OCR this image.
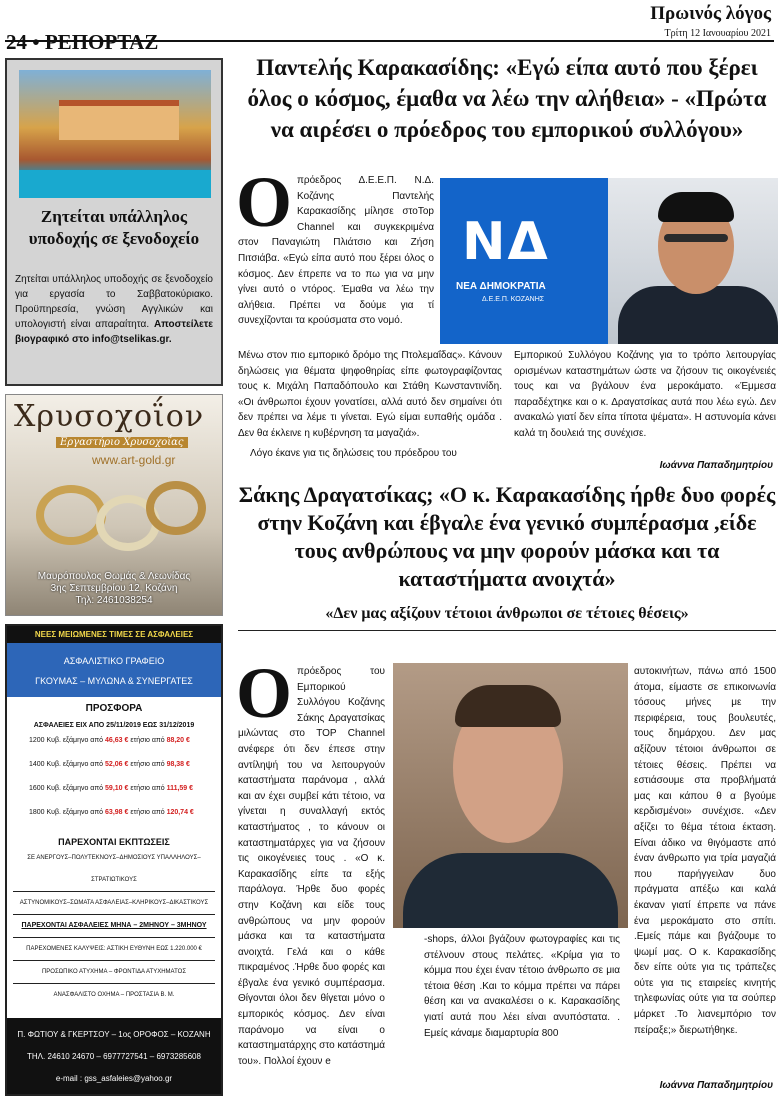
Πρωινός λόγος
Τρίτη 12 Ιανουαρίου 2021
24 • ΡΕΠΟΡΤΑΖ
Ζητείται υπάλληλος υποδοχής σε ξενοδοχείο
Ζητείται υπάλληλος υποδοχής σε ξενοδοχείο για εργασία το Σαββατοκύριακο. Προϋπηρεσία, γνώση Αγγλικών και υπολογιστή είναι απαραίτητα. Αποστείλετε βιογραφικό στο info@tselikas.gr.
Χρυσοχοΐον
Εργαστήριο Χρυσοχοΐας
www.art-gold.gr
Μαυρόπουλος Θωμάς & Λεωνίδας
3ης Σεπτεμβρίου 12, Κοζάνη
Τηλ: 2461038254
ΝΕΕΣ ΜΕΙΩΜΕΝΕΣ ΤΙΜΕΣ ΣΕ ΑΣΦΑΛΕΙΕΣ
ΑΣΦΑΛΙΣΤΙΚΟ ΓΡΑΦΕΙΟ
ΓΚΟΥΜΑΣ – ΜΥΛΩΝΑ & ΣΥΝΕΡΓΑΤΕΣ
ΠΡΟΣΦΟΡΑ
ΑΣΦΑΛΕΙΕΣ ΕΙΧ ΑΠΟ 25/11/2019 ΕΩΣ 31/12/2019
1200 Κυβ. εξάμηνο από 46,63 € ετήσιο από 88,20 €
1400 Κυβ. εξάμηνο από 52,06 € ετήσιο από 98,38 €
1600 Κυβ. εξάμηνο από 59,10 € ετήσιο από 111,59 €
1800 Κυβ. εξάμηνο από 63,98 € ετήσιο από 120,74 €
ΠΑΡΕΧΟΝΤΑΙ ΕΚΠΤΩΣΕΙΣ
ΣΕ ΑΝΕΡΓΟΥΣ–ΠΟΛΥΤΕΚΝΟΥΣ–ΔΗΜΟΣΙΟΥΣ ΥΠΑΛΛΗΛΟΥΣ–ΣΤΡΑΤΙΩΤΙΚΟΥΣ
ΑΣΤΥΝΟΜΙΚΟΥΣ–ΣΩΜΑΤΑ ΑΣΦΑΛΕΙΑΣ–ΚΛΗΡΙΚΟΥΣ–ΔΙΚΑΣΤΙΚΟΥΣ
ΠΑΡΕΧΟΝΤΑΙ ΑΣΦΑΛΕΙΕΣ ΜΗΝΑ – 2ΜΗΝΟΥ – 3ΜΗΝΟΥ
ΠΑΡΕΧΟΜΕΝΕΣ ΚΑΛΥΨΕΙΣ: ΑΣΤΙΚΗ ΕΥΘΥΝΗ ΕΩΣ 1.220.000 €
ΠΡΟΣΩΠΙΚΟ ΑΤΥΧΗΜΑ – ΦΡΟΝΤΙΔΑ ΑΤΥΧΗΜΑΤΟΣ
ΑΝΑΣΦΑΛΙΣΤΟ ΟΧΗΜΑ – ΠΡΟΣΤΑΣΙΑ Β. Μ.
Π. ΦΩΤΙΟΥ & ΓΚΕΡΤΣΟΥ – 1ος ΟΡΟΦΟΣ – ΚΟΖΑΝΗ
ΤΗΛ. 24610 24670 – 6977727541 – 6973285608
e-mail : gss_asfaleies@yahoo.gr
Παντελής Καρακασίδης: «Εγώ είπα αυτό που ξέρει όλος ο κόσμος, έμαθα να λέω την αλήθεια» - «Πρώτα να αιρέσει ο πρόεδρος του εμπορικού συλλόγου»
Ο πρόεδρος Δ.Ε.Ε.Π. Ν.Δ. Κοζάνης Παντελής Καρακασίδης μίλησε στοTop Channel και συγκεκριμένα στον Παναγιώτη Πλιάτσιο και Ζήση Πιτσιάβα. «Εγώ είπα αυτό που ξέρει όλος ο κόσμος. Δεν έπρεπε να το πω για να μην γίνει αυτό ο ντόρος. Έμαθα να λέω την αλήθεια. Πρέπει να δούμε για τί συνεχίζονται τα κρούσματα στο νομό.
ΝΔ
ΝΕΑ ΔΗΜΟΚΡΑΤΙΑ
Δ.Ε.Ε.Π. ΚΟΖΑΝΗΣ
Μένω στον πιο εμπορικό δρόμο της Πτολεμαΐδας». Κάνουν δηλώσεις για θέματα ψηφοθηρίας είπε φωτογραφίζοντας τους κ. Μιχάλη Παπαδόπουλο και Στάθη Κωνσταντινίδη. «Οι άνθρωποι έχουν γονατίσει, αλλά αυτό δεν σημαίνει ότι δεν πρέπει να λέμε τι γίνεται. Εγώ είμαι ευπαθής ομάδα . Δεν θα έκλεινε η κυβέρνηση τα μαγαζιά».
Λόγο έκανε για τις δηλώσεις του πρόεδρου του
Εμπορικού Συλλόγου Κοζάνης για το τρόπο λειτουργίας ορισμένων καταστημάτων ώστε να ζήσουν τις οικογένειές τους και να βγάλουν ένα μεροκάματο. «Έμμεσα παραδέχτηκε και ο κ. Δραγατσίκας αυτά που λέω εγώ. Δεν ανακαλώ γιατί δεν είπα τίποτα ψέματα». Η αστυνομία κάνει καλά τη δουλειά της συνέχισε.
Ιωάννα Παπαδημητρίου
Σάκης Δραγατσίκας; «Ο κ. Καρακασίδης ήρθε δυο φορές στην Κοζάνη και έβγαλε ένα γενικό συμπέρασμα ,είδε τους ανθρώπους να μην φορούν μάσκα και τα καταστήματα ανοιχτά»
«Δεν μας αξίζουν τέτοιοι άνθρωποι σε τέτοιες θέσεις»
Ο πρόεδρος του Εμπορικού Συλλόγου Κοζάνης Σάκης Δραγατσίκας μιλώντας στο TOP Channel ανέφερε ότι δεν έπεσε στην αντίληψή του να λειτουργούν καταστήματα παράνομα , αλλά και αν έχει συμβεί κάτι τέτοιο, να γίνεται η συναλλαγή εκτός καταστήματος , το κάνουν οι καταστηματάρχες για να ζήσουν τις οικογένειες τους . «Ο κ. Καρακασίδης είπε τα εξής παράλογα. Ήρθε δυο φορές στην Κοζάνη και είδε τους ανθρώπους να μην φορούν μάσκα και τα καταστήματα ανοιχτά. Γελά και ο κάθε πικραμένος .Ήρθε δυο φορές και έβγαλε ένα γενικό συμπέρασμα. Θίγονται όλοι δεν θίγεται μόνο ο εμπορικός κόσμος. Δεν είναι παράνομο να είναι ο καταστηματάρχης στο κατάστημά του». Πολλοί έχουν e
-shops, άλλοι βγάζουν φωτογραφίες και τις στέλνουν στους πελάτες. «Κρίμα για το κόμμα που έχει έναν τέτοιο άνθρωπο σε μια τέτοια θέση .Και το κόμμα πρέπει να πάρει θέση και να ανακαλέσει ο κ. Καρακασίδης γιατί αυτά που λέει είναι ανυπόστατα. . Εμείς κάναμε διαμαρτυρία 800
αυτοκινήτων, πάνω από 1500 άτομα, είμαστε σε επικοινωνία τόσους μήνες με την περιφέρεια, τους βουλευτές, τους δημάρχου. Δεν μας αξίζουν τέτοιοι άνθρωποι σε τέτοιες θέσεις. Πρέπει να εστιάσουμε στα προβλήματά μας και κάπου θ α βγούμε κερδισμένοι» συνέχισε. «Δεν αξίζει το θέμα τέτοια έκταση. Είναι άδικο να θιγόμαστε από έναν άνθρωπο για τρία μαγαζιά που παρήγγειλαν δυο πράγματα απέξω και καλά έκαναν γιατί έπρεπε να πάνε ένα μεροκάματο στο σπίτι. .Εμείς πάμε και βγάζουμε το ψωμί μας. Ο κ. Καρακασίδης δεν είπε ούτε για τις τράπεζες ούτε για τις εταιρείες κινητής τηλεφωνίας ούτε για τα σούπερ μάρκετ .Το λιανεμπόριο τον πείραξε;» διερωτήθηκε.
Ιωάννα Παπαδημητρίου
